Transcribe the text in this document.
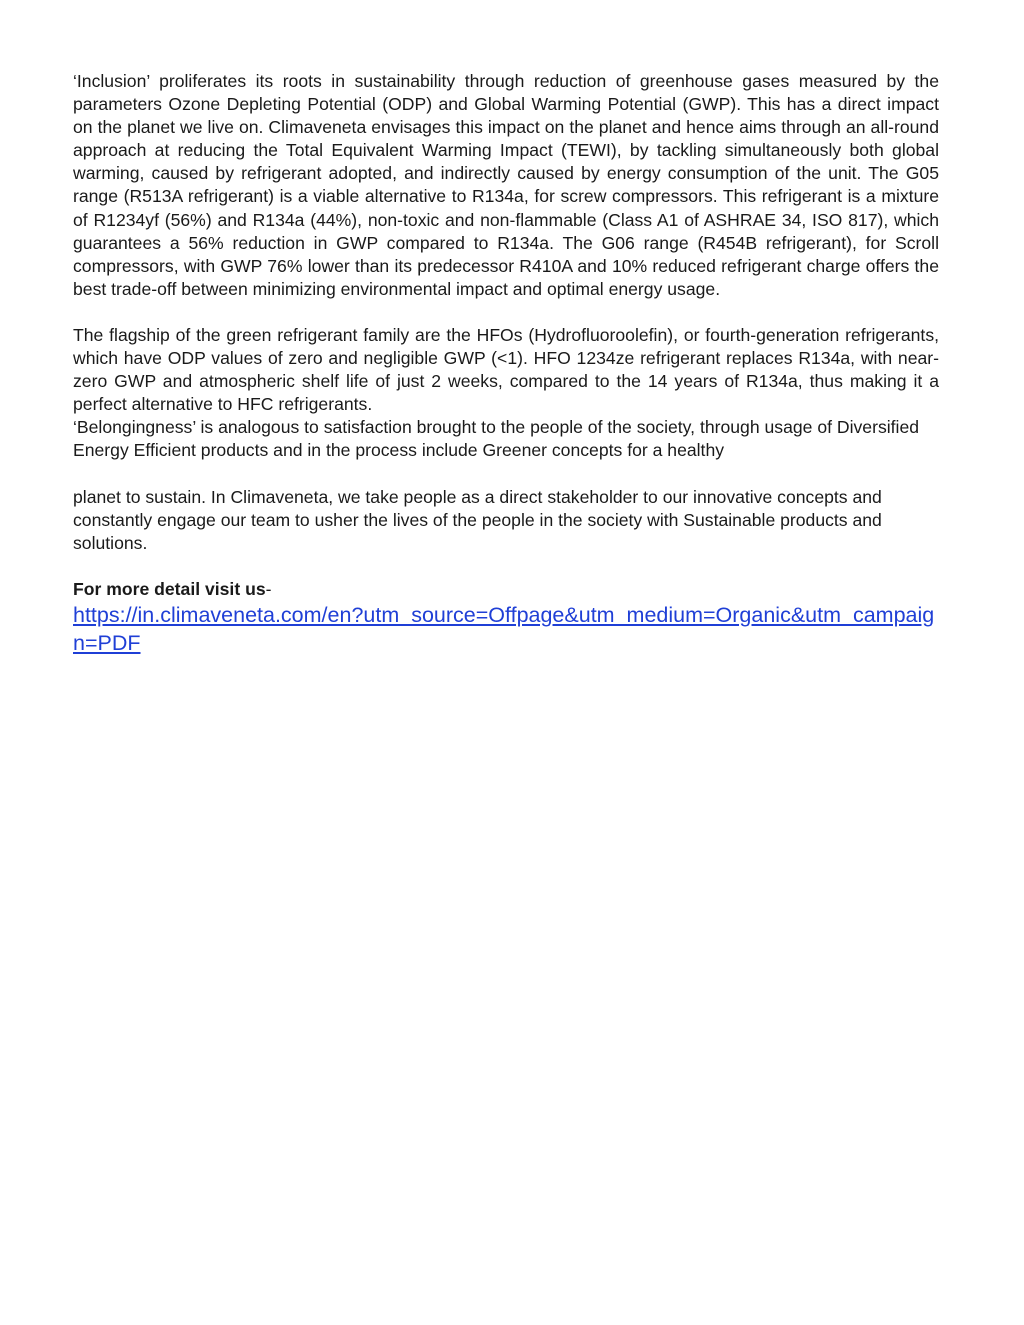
‘Inclusion’ proliferates its roots in sustainability through reduction of greenhouse gases measured by the parameters Ozone Depleting Potential (ODP) and Global Warming Potential (GWP). This has a direct impact on the planet we live on. Climaveneta envisages this impact on the planet and hence aims through an all-round approach at reducing the Total Equivalent Warming Impact (TEWI), by tackling simultaneously both global warming, caused by refrigerant adopted, and indirectly caused by energy consumption of the unit. The G05 range (R513A refrigerant) is a viable alternative to R134a, for screw compressors. This refrigerant is a mixture of R1234yf (56%) and R134a (44%), non-toxic and non-flammable (Class A1 of ASHRAE 34, ISO 817), which guarantees a 56% reduction in GWP compared to R134a. The G06 range (R454B refrigerant), for Scroll compressors, with GWP 76% lower than its predecessor R410A and 10% reduced refrigerant charge offers the best trade-off between minimizing environmental impact and optimal energy usage.

The flagship of the green refrigerant family are the HFOs (Hydrofluoroolefin), or fourth-generation refrigerants, which have ODP values of zero and negligible GWP (<1). HFO 1234ze refrigerant replaces R134a, with near-zero GWP and atmospheric shelf life of just 2 weeks, compared to the 14 years of R134a, thus making it a perfect alternative to HFC refrigerants.

‘Belongingness’ is analogous to satisfaction brought to the people of the society, through usage of Diversified Energy Efficient products and in the process include Greener concepts for a healthy

planet to sustain. In Climaveneta, we take people as a direct stakeholder to our innovative concepts and constantly engage our team to usher the lives of the people in the society with Sustainable products and solutions.

For more detail visit us-

https://in.climaveneta.com/en?utm_source=Offpage&utm_medium=Organic&utm_campaign=PDF
